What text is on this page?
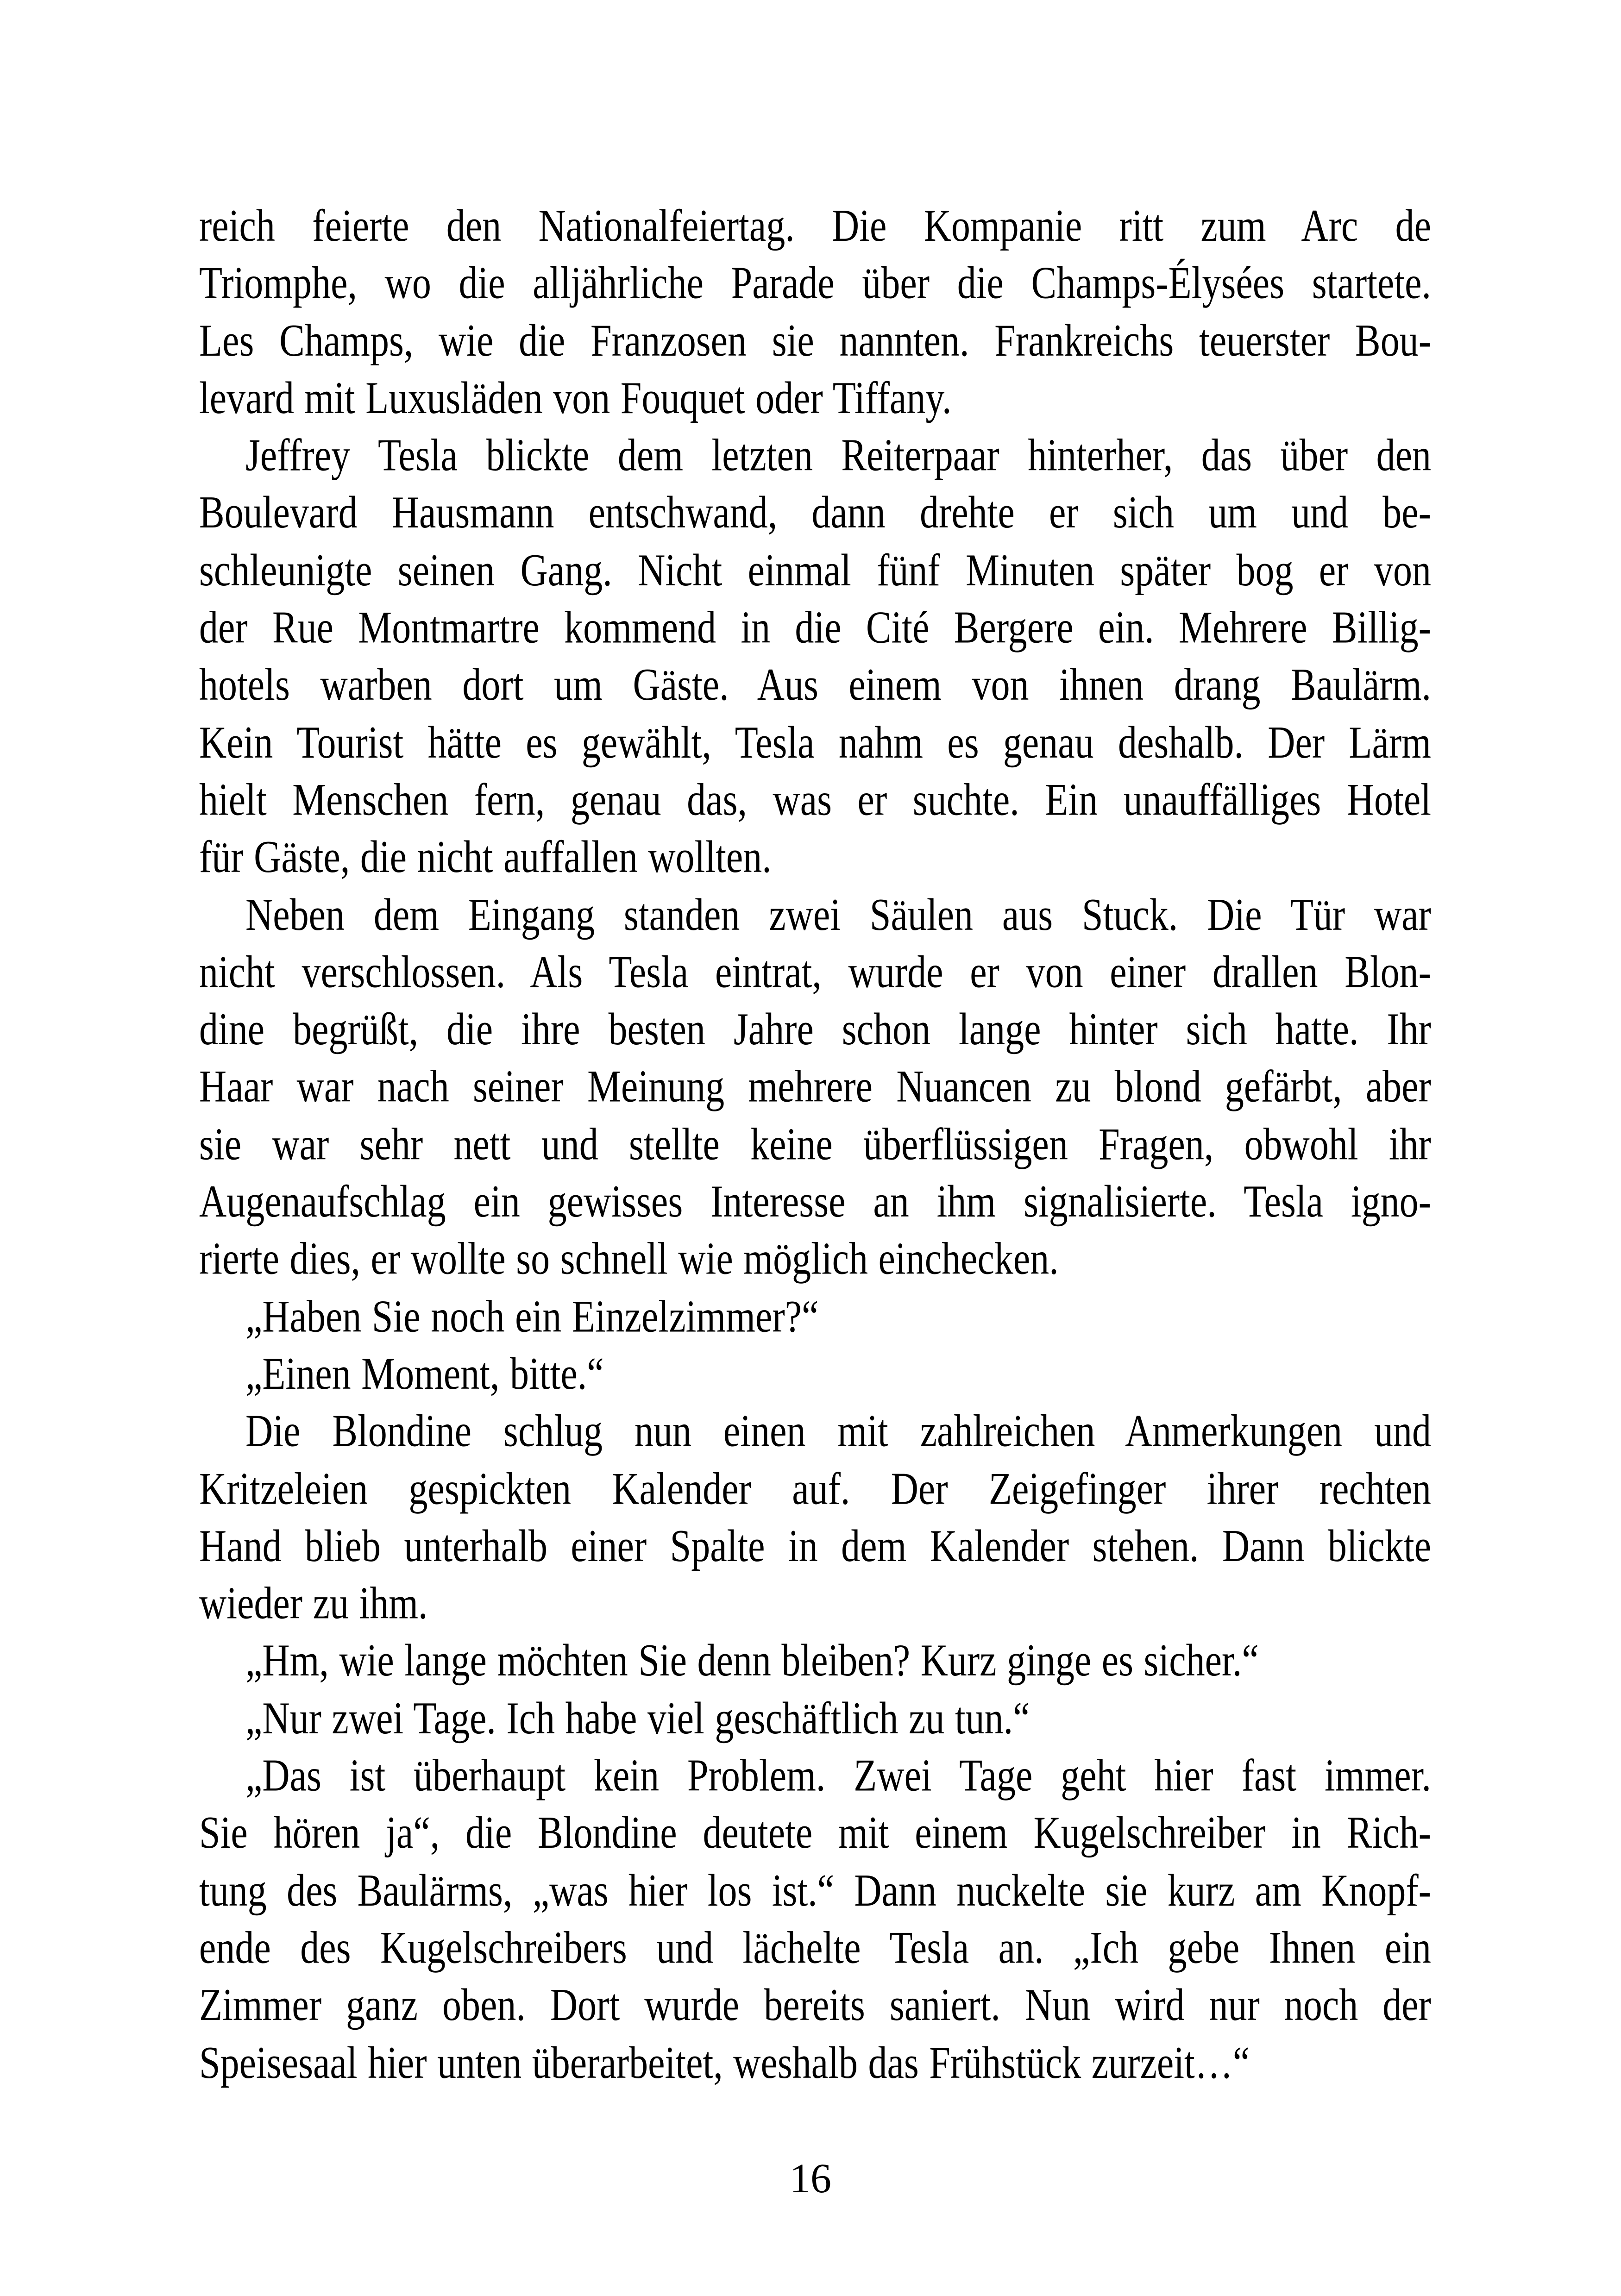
reich feierte den Nationalfeiertag. Die Kompanie ritt zum Arc de
Triomphe, wo die alljährliche Parade über die Champs-Élysées startete.
Les Champs, wie die Franzosen sie nannten. Frankreichs teuerster Bou-
levard mit Luxusläden von Fouquet oder Tiffany.
Jeffrey Tesla blickte dem letzten Reiterpaar hinterher, das über den
Boulevard Hausmann entschwand, dann drehte er sich um und be-
schleunigte seinen Gang. Nicht einmal fünf Minuten später bog er von
der Rue Montmartre kommend in die Cité Bergere ein. Mehrere Billig-
hotels warben dort um Gäste. Aus einem von ihnen drang Baulärm.
Kein Tourist hätte es gewählt, Tesla nahm es genau deshalb. Der Lärm
hielt Menschen fern, genau das, was er suchte. Ein unauffälliges Hotel
für Gäste, die nicht auffallen wollten.
Neben dem Eingang standen zwei Säulen aus Stuck. Die Tür war
nicht verschlossen. Als Tesla eintrat, wurde er von einer drallen Blon-
dine begrüßt, die ihre besten Jahre schon lange hinter sich hatte. Ihr
Haar war nach seiner Meinung mehrere Nuancen zu blond gefärbt, aber
sie war sehr nett und stellte keine überflüssigen Fragen, obwohl ihr
Augenaufschlag ein gewisses Interesse an ihm signalisierte. Tesla igno-
rierte dies, er wollte so schnell wie möglich einchecken.
„Haben Sie noch ein Einzelzimmer?“
„Einen Moment, bitte.“
Die Blondine schlug nun einen mit zahlreichen Anmerkungen und
Kritzeleien gespickten Kalender auf. Der Zeigefinger ihrer rechten
Hand blieb unterhalb einer Spalte in dem Kalender stehen. Dann blickte
wieder zu ihm.
„Hm, wie lange möchten Sie denn bleiben? Kurz ginge es sicher.“
„Nur zwei Tage. Ich habe viel geschäftlich zu tun.“
„Das ist überhaupt kein Problem. Zwei Tage geht hier fast immer.
Sie hören ja“, die Blondine deutete mit einem Kugelschreiber in Rich-
tung des Baulärms, „was hier los ist.“ Dann nuckelte sie kurz am Knopf-
ende des Kugelschreibers und lächelte Tesla an. „Ich gebe Ihnen ein
Zimmer ganz oben. Dort wurde bereits saniert. Nun wird nur noch der
Speisesaal hier unten überarbeitet, weshalb das Frühstück zurzeit…“
16
